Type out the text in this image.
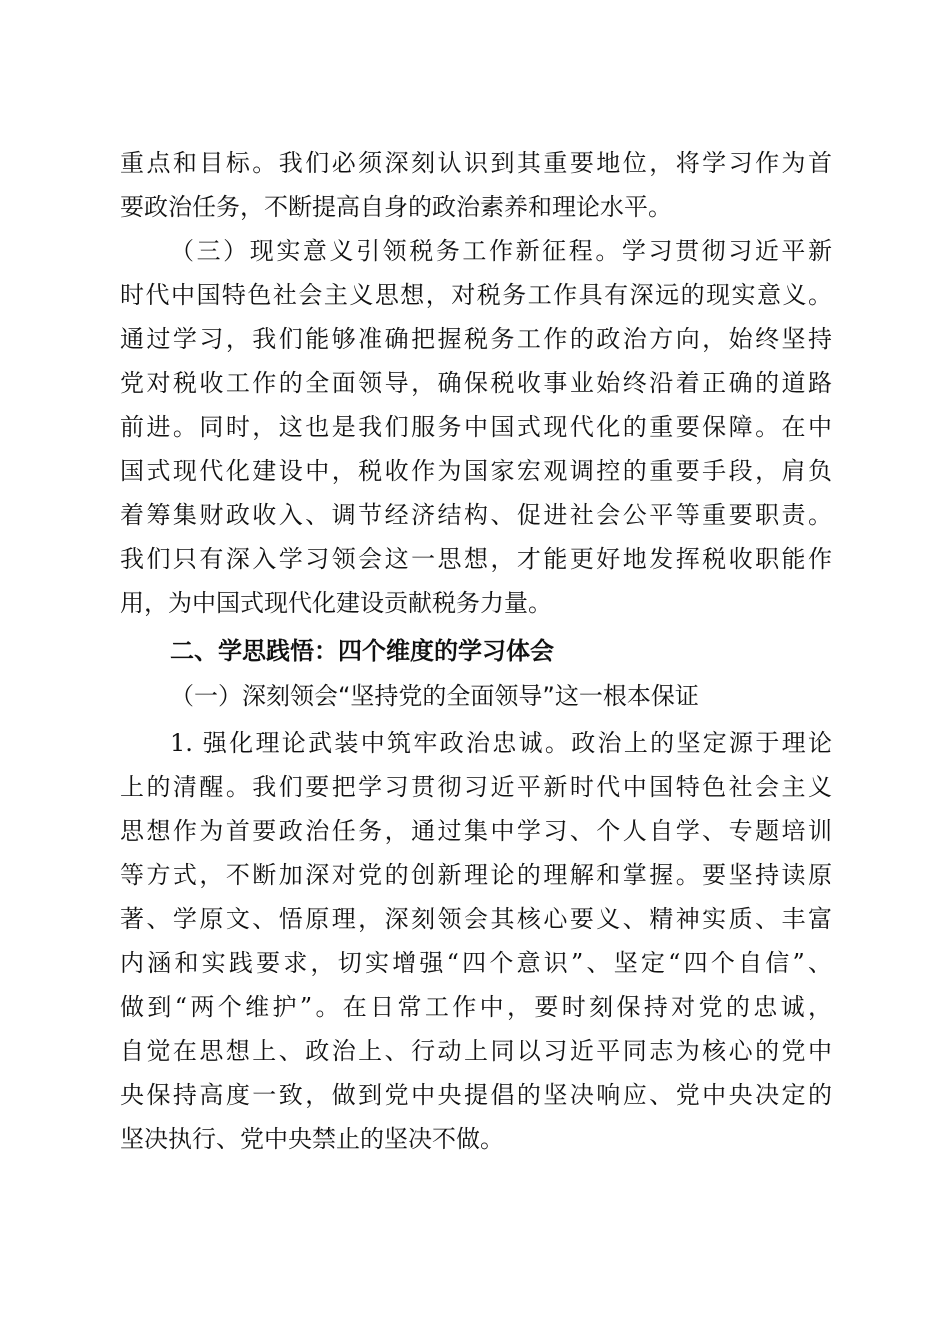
重点和目标。我们必须深刻认识到其重要地位，将学习作为首
要政治任务，不断提高自身的政治素养和理论水平。
（三）现实意义引领税务工作新征程。学习贯彻习近平新
时代中国特色社会主义思想，对税务工作具有深远的现实意义。
通过学习，我们能够准确把握税务工作的政治方向，始终坚持
党对税收工作的全面领导，确保税收事业始终沿着正确的道路
前进。同时，这也是我们服务中国式现代化的重要保障。在中
国式现代化建设中，税收作为国家宏观调控的重要手段，肩负
着筹集财政收入、调节经济结构、促进社会公平等重要职责。
我们只有深入学习领会这一思想，才能更好地发挥税收职能作
用，为中国式现代化建设贡献税务力量。
二、学思践悟：四个维度的学习体会
（一）深刻领会“坚持党的全面领导”这一根本保证
1. 强化理论武装中筑牢政治忠诚。政治上的坚定源于理论
上的清醒。我们要把学习贯彻习近平新时代中国特色社会主义
思想作为首要政治任务，通过集中学习、个人自学、专题培训
等方式，不断加深对党的创新理论的理解和掌握。要坚持读原
著、学原文、悟原理，深刻领会其核心要义、精神实质、丰富
内涵和实践要求，切实增强“四个意识”、坚定“四个自信”、
做到“两个维护”。在日常工作中，要时刻保持对党的忠诚，
自觉在思想上、政治上、行动上同以习近平同志为核心的党中
央保持高度一致，做到党中央提倡的坚决响应、党中央决定的
坚决执行、党中央禁止的坚决不做。
